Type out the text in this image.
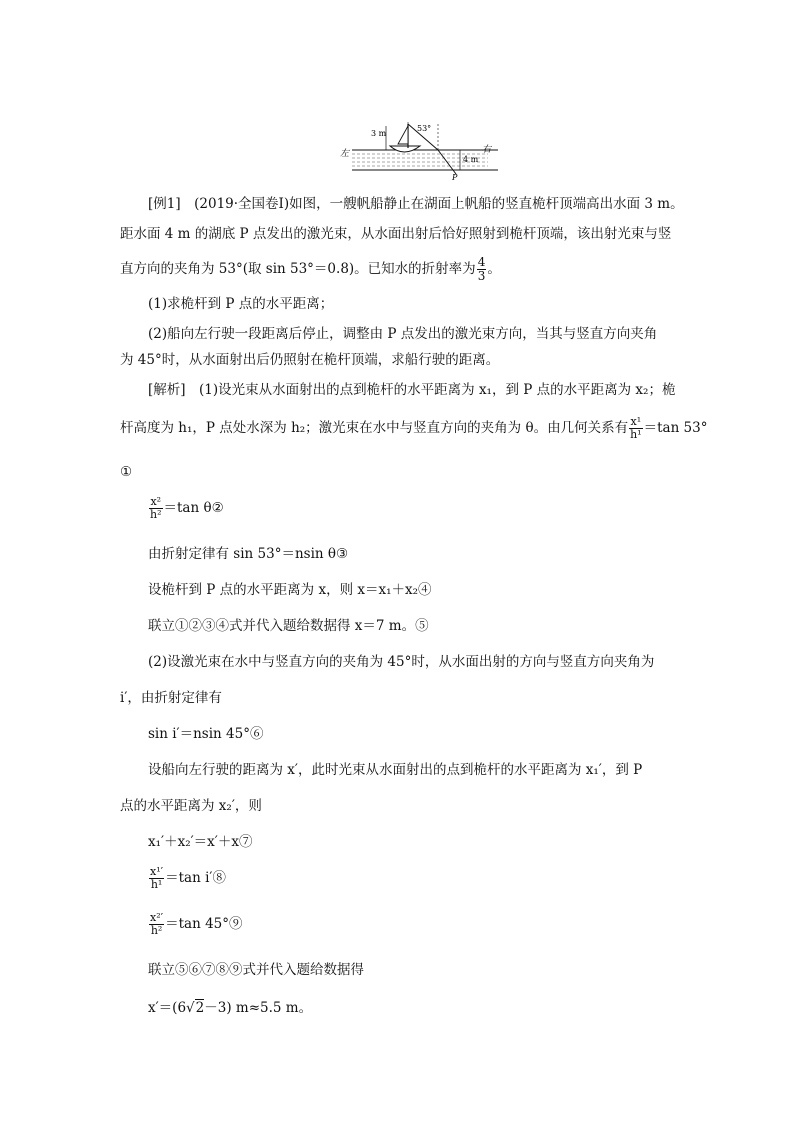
3 m
53°
4 m
左	右
P
[例1]　(2019·全国卷Ⅰ)如图，一艘帆船静止在湖面上帆船的竖直桅杆顶端高出水面 3 m。
距水面 4 m 的湖底 P 点发出的激光束，从水面出射后恰好照射到桅杆顶端，该出射光束与竖
直方向的夹角为 53°(取 sin 53°＝0.8)。已知水的折射率为 $\frac{4}{3}$ 。
(1)求桅杆到 P 点的水平距离；
(2)船向左行驶一段距离后停止，调整由 P 点发出的激光束方向，当其与竖直方向夹角
为 45°时，从水面射出后仍照射在桅杆顶端，求船行驶的距离。
[解析]　(1)设光束从水面射出的点到桅杆的水平距离为 x₁，到 P 点的水平距离为 x₂；桅
杆高度为 h₁，P 点处水深为 h₂；激光束在水中与竖直方向的夹角为 θ。由几何关系有 $\frac{\text{x¹}}{\text{h¹}} =\tan$ 53°
①
$\frac{\text{x²}}{\text{h²}} =\tan$ θ②
由折射定律有 sin 53°＝nsin θ③
设桅杆到 P 点的水平距离为 x，则 x＝x₁＋x₂④
联立①②③④式并代入题给数据得 x＝7 m。⑤
(2)设激光束在水中与竖直方向的夹角为 45°时，从水面出射的方向与竖直方向夹角为
i′，由折射定律有
sin i′＝nsin 45°⑥
设船向左行驶的距离为 x′，此时光束从水面射出的点到桅杆的水平距离为 x₁′，到 P
点的水平距离为 x₂′，则
x₁′＋x₂′＝x′＋x⑦
$\frac{\text{x¹′}}{\text{h¹}} =\tan$ i′⑧
$\frac{\text{x²′}}{\text{h²}} =\tan$ 45°⑨
联立⑤⑥⑦⑧⑨式并代入题给数据得
x′＝(6√2－3) m≈5.5 m。
